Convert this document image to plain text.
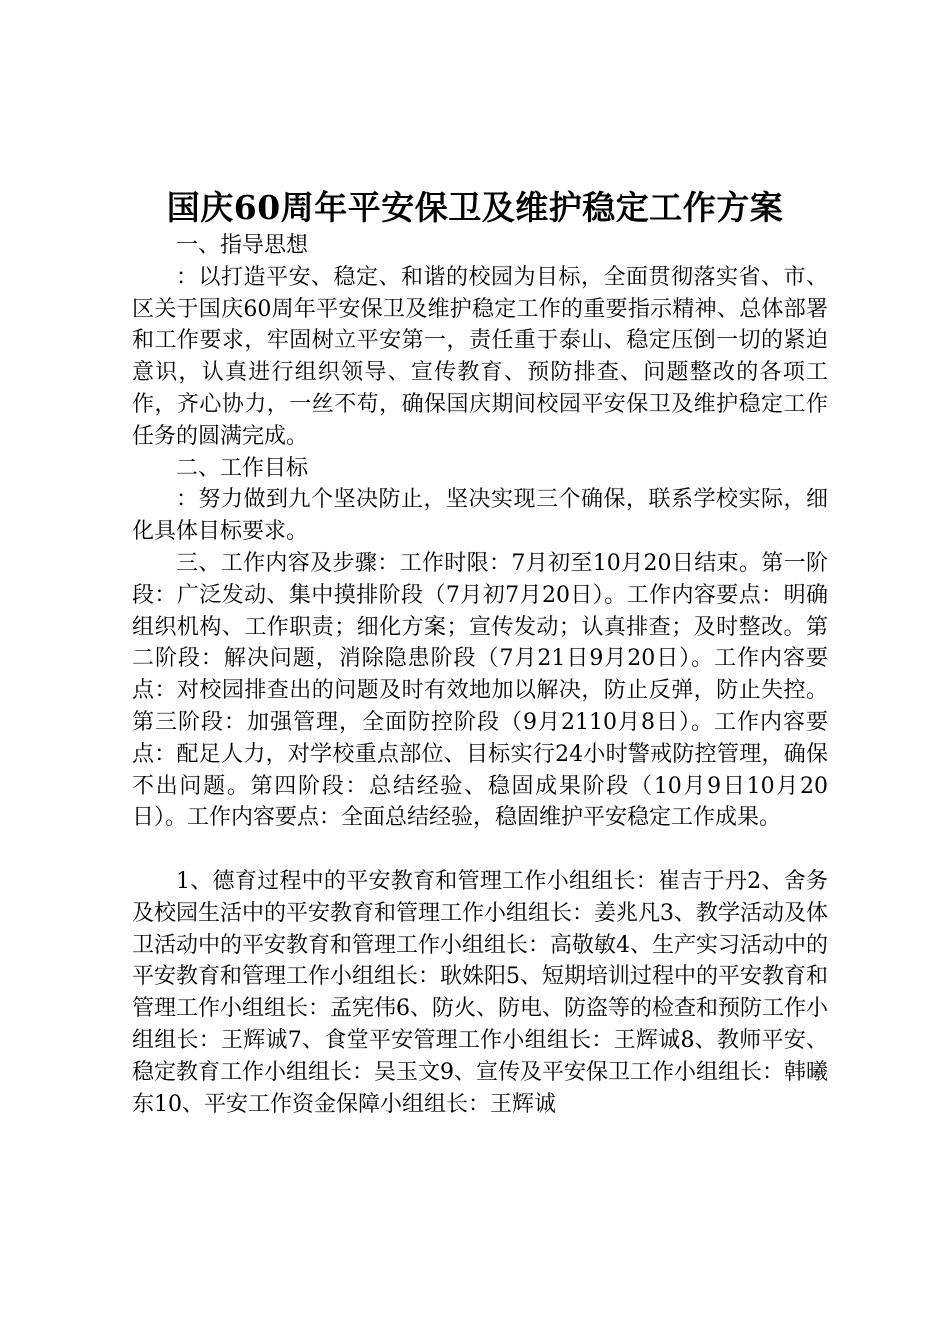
国庆60周年平安保卫及维护稳定工作方案

一、指导思想

：以打造平安、稳定、和谐的校园为目标，全面贯彻落实省、市、区关于国庆60周年平安保卫及维护稳定工作的重要指示精神、总体部署和工作要求，牢固树立平安第一，责任重于泰山、稳定压倒一切的紧迫意识，认真进行组织领导、宣传教育、预防排查、问题整改的各项工作，齐心协力，一丝不苟，确保国庆期间校园平安保卫及维护稳定工作任务的圆满完成。

二、工作目标

：努力做到九个坚决防止，坚决实现三个确保，联系学校实际，细化具体目标要求。

三、工作内容及步骤：工作时限：7月初至10月20日结束。第一阶段：广泛发动、集中摸排阶段（7月初7月20日）。工作内容要点：明确组织机构、工作职责；细化方案；宣传发动；认真排查；及时整改。第二阶段：解决问题，消除隐患阶段（7月21日9月20日）。工作内容要点：对校园排查出的问题及时有效地加以解决，防止反弹，防止失控。第三阶段：加强管理，全面防控阶段（9月2110月8日）。工作内容要点：配足人力，对学校重点部位、目标实行24小时警戒防控管理，确保不出问题。第四阶段：总结经验、稳固成果阶段（10月9日10月20日）。工作内容要点：全面总结经验，稳固维护平安稳定工作成果。

1、德育过程中的平安教育和管理工作小组组长：崔吉于丹2、舍务及校园生活中的平安教育和管理工作小组组长：姜兆凡3、教学活动及体卫活动中的平安教育和管理工作小组组长：高敬敏4、生产实习活动中的平安教育和管理工作小组组长：耿姝阳5、短期培训过程中的平安教育和管理工作小组组长：孟宪伟6、防火、防电、防盗等的检查和预防工作小组组长：王辉诚7、食堂平安管理工作小组组长：王辉诚8、教师平安、稳定教育工作小组组长：吴玉文9、宣传及平安保卫工作小组组长：韩曦东10、平安工作资金保障小组组长：王辉诚
